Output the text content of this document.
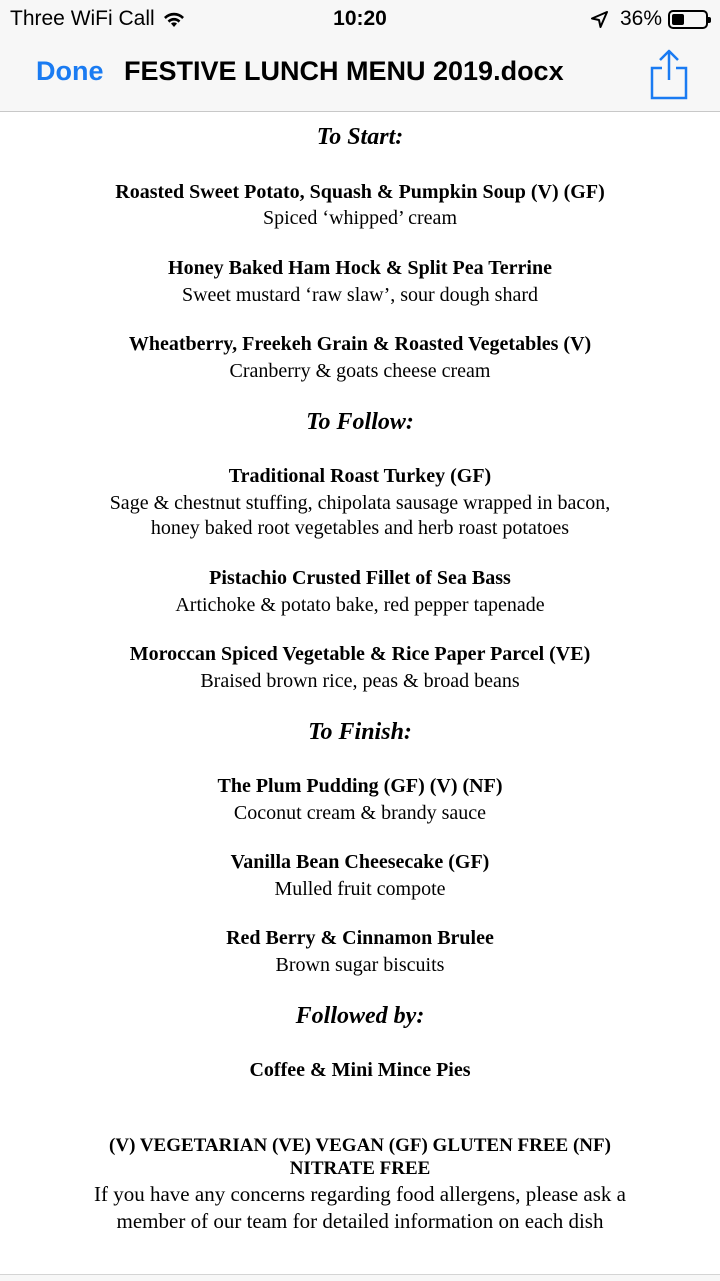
Three WiFi Call	10:20	36%
Done FESTIVE LUNCH MENU 2019.docx
To Start:
Roasted Sweet Potato, Squash & Pumpkin Soup (V) (GF)
Spiced ‘whipped’ cream
Honey Baked Ham Hock & Split Pea Terrine
Sweet mustard ‘raw slaw’, sour dough shard
Wheatberry, Freekeh Grain & Roasted Vegetables (V)
Cranberry & goats cheese cream
To Follow:
Traditional Roast Turkey (GF)
Sage & chestnut stuffing, chipolata sausage wrapped in bacon,
honey baked root vegetables and herb roast potatoes
Pistachio Crusted Fillet of Sea Bass
Artichoke & potato bake, red pepper tapenade
Moroccan Spiced Vegetable & Rice Paper Parcel (VE)
Braised brown rice, peas & broad beans
To Finish:
The Plum Pudding (GF) (V) (NF)
Coconut cream & brandy sauce
Vanilla Bean Cheesecake (GF)
Mulled fruit compote
Red Berry & Cinnamon Brulee
Brown sugar biscuits
Followed by:
Coffee & Mini Mince Pies
(V) VEGETARIAN (VE) VEGAN (GF) GLUTEN FREE (NF)
NITRATE FREE
If you have any concerns regarding food allergens, please ask a
member of our team for detailed information on each dish
